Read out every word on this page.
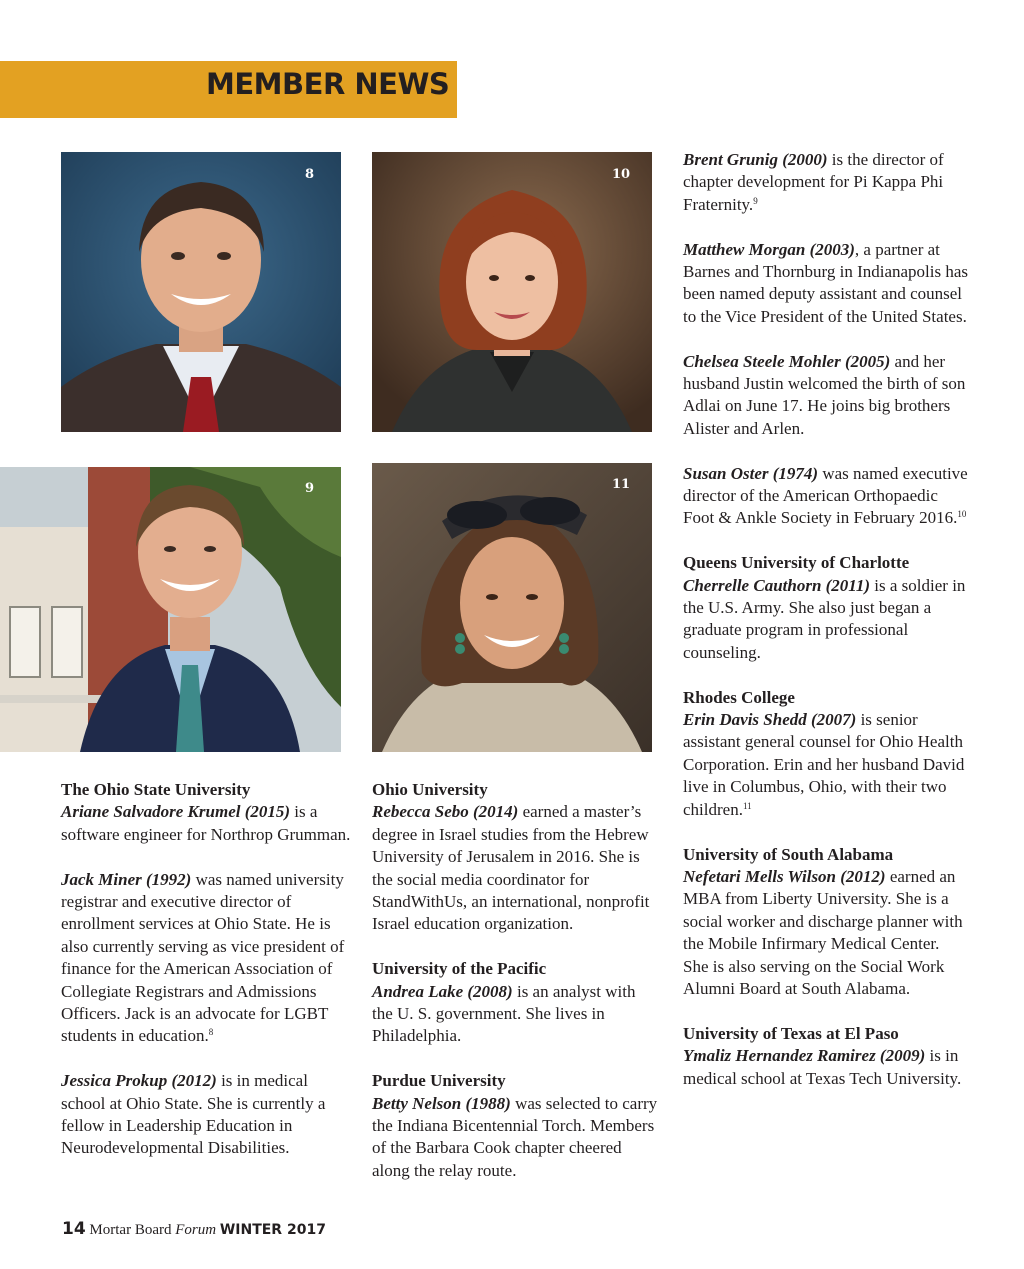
MEMBER NEWS
8	10
9	11

The Ohio State University
Ariane Salvadore Krumel (2015) is a software engineer for Northrop Grumman.

Jack Miner (1992) was named university registrar and executive director of enrollment services at Ohio State. He is also currently serving as vice president of finance for the American Association of Collegiate Registrars and Admissions Officers. Jack is an advocate for LGBT students in education.$^8$

Jessica Prokup (2012) is in medical school at Ohio State. She is currently a fellow in Leadership Education in Neurodevelopmental Disabilities.

Ohio University
Rebecca Sebo (2014) earned a master’s degree in Israel studies from the Hebrew University of Jerusalem in 2016. She is the social media coordinator for StandWithUs, an international, nonprofit Israel education organization.

University of the Pacific
Andrea Lake (2008) is an analyst with the U. S. government. She lives in Philadelphia.

Purdue University
Betty Nelson (1988) was selected to carry the Indiana Bicentennial Torch. Members of the Barbara Cook chapter cheered along the relay route.

Brent Grunig (2000) is the director of chapter development for Pi Kappa Phi Fraternity.$^9$

Matthew Morgan (2003), a partner at Barnes and Thornburg in Indianapolis has been named deputy assistant and counsel to the Vice President of the United States.

Chelsea Steele Mohler (2005) and her husband Justin welcomed the birth of son Adlai on June 17. He joins big brothers Alister and Arlen.

Susan Oster (1974) was named executive director of the American Orthopaedic Foot & Ankle Society in February 2016.10

Queens University of Charlotte
Cherrelle Cauthorn (2011) is a soldier in the U.S. Army. She also just began a graduate program in professional counseling.

Rhodes College
Erin Davis Shedd (2007) is senior assistant general counsel for Ohio Health Corporation. Erin and her husband David live in Columbus, Ohio, with their two children.$^{11}$

University of South Alabama
Nefetari Mells Wilson (2012) earned an MBA from Liberty University. She is a social worker and discharge planner with the Mobile Infirmary Medical Center. She is also serving on the Social Work Alumni Board at South Alabama.

University of Texas at El Paso
Ymaliz Hernandez Ramirez (2009) is in medical school at Texas Tech University.

14 Mortar Board Forum WINTER 2017
